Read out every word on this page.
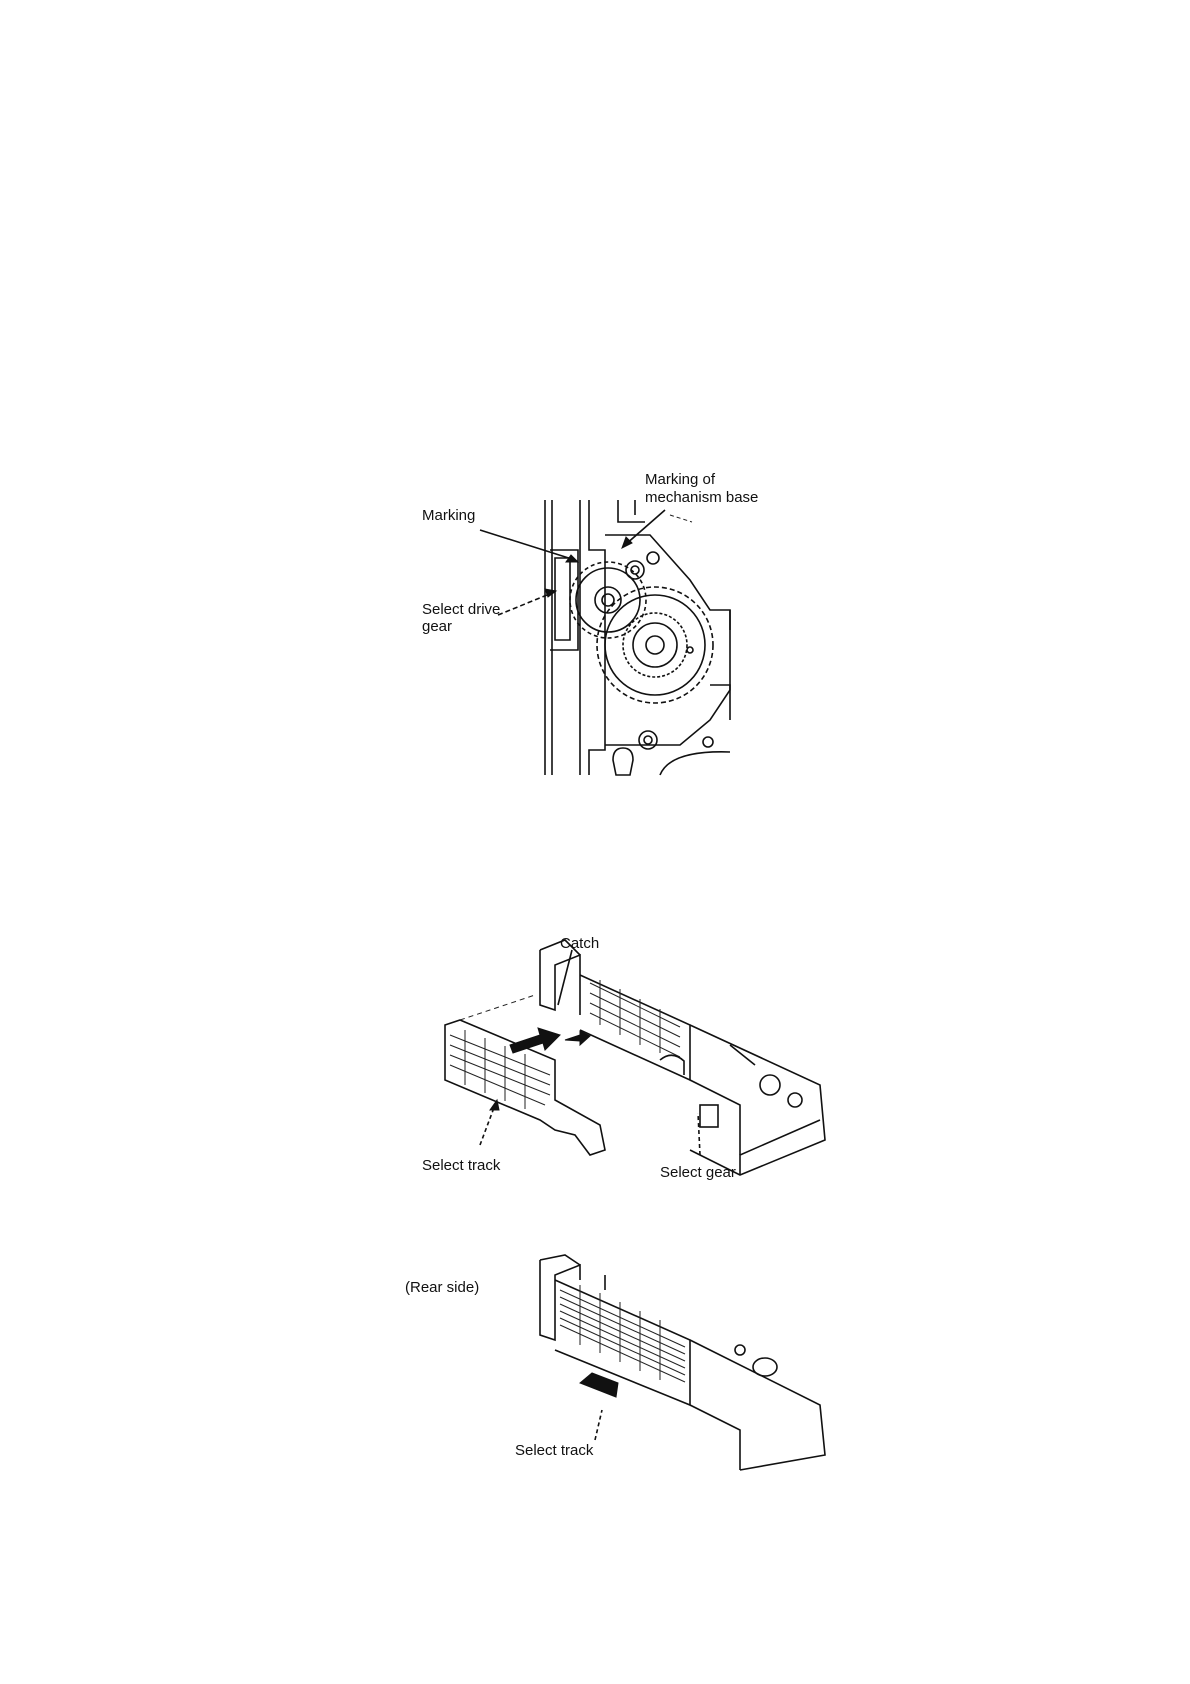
Marking
Marking of
mechanism base
Select drive
gear
Catch
Select track	Select gear
(Rear side)
Select track
